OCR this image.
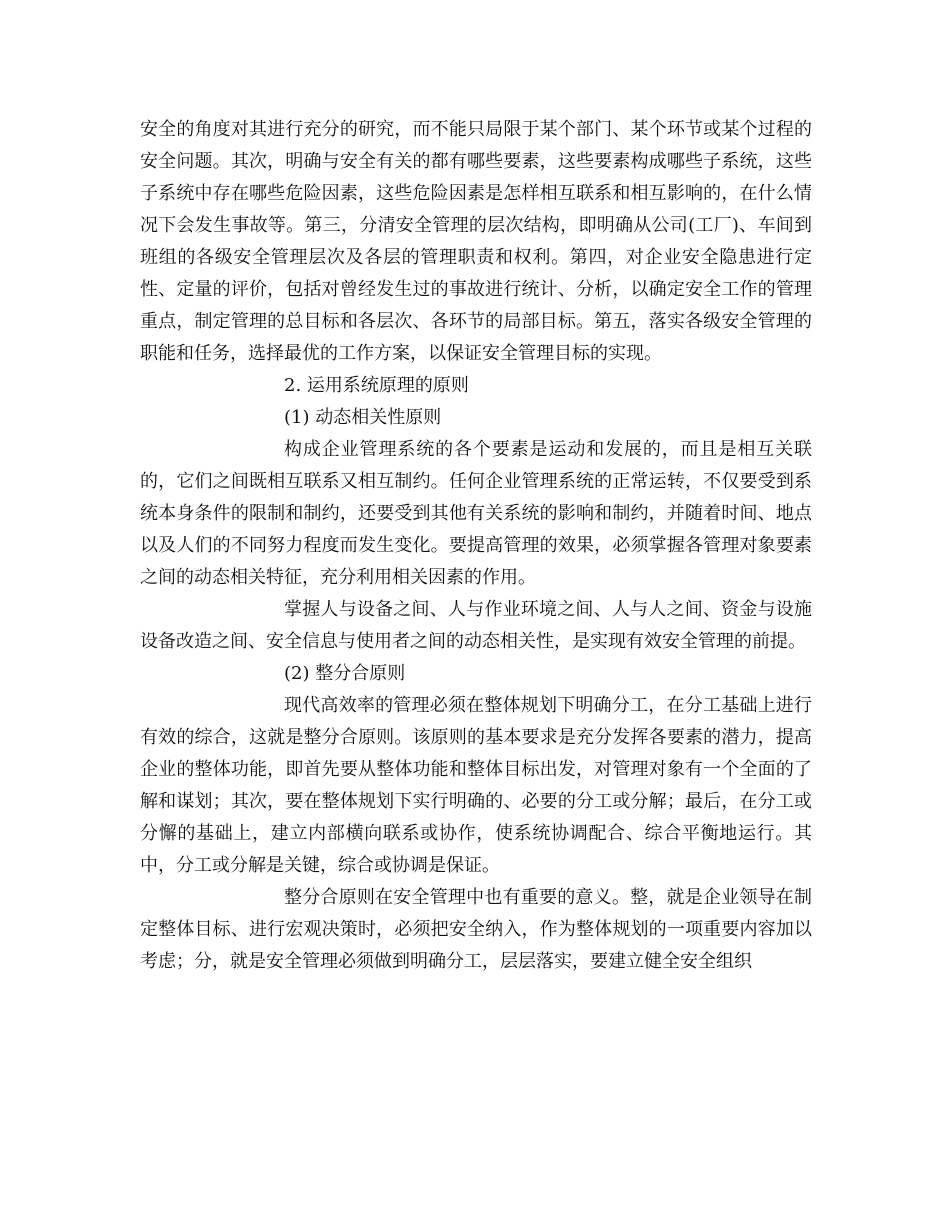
安全的角度对其进行充分的研究，而不能只局限于某个部门、某个环节或某个过程的安全问题。其次，明确与安全有关的都有哪些要素，这些要素构成哪些子系统，这些子系统中存在哪些危险因素，这些危险因素是怎样相互联系和相互影响的，在什么情况下会发生事故等。第三，分清安全管理的层次结构，即明确从公司(工厂)、车间到班组的各级安全管理层次及各层的管理职责和权利。第四，对企业安全隐患进行定性、定量的评价，包括对曾经发生过的事故进行统计、分析，以确定安全工作的管理重点，制定管理的总目标和各层次、各环节的局部目标。第五，落实各级安全管理的职能和任务，选择最优的工作方案，以保证安全管理目标的实现。

2. 运用系统原理的原则

(1) 动态相关性原则

构成企业管理系统的各个要素是运动和发展的，而且是相互关联的，它们之间既相互联系又相互制约。任何企业管理系统的正常运转，不仅要受到系统本身条件的限制和制约，还要受到其他有关系统的影响和制约，并随着时间、地点以及人们的不同努力程度而发生变化。要提高管理的效果，必须掌握各管理对象要素之间的动态相关特征，充分利用相关因素的作用。

掌握人与设备之间、人与作业环境之间、人与人之间、资金与设施设备改造之间、安全信息与使用者之间的动态相关性，是实现有效安全管理的前提。

(2) 整分合原则

现代高效率的管理必须在整体规划下明确分工，在分工基础上进行有效的综合，这就是整分合原则。该原则的基本要求是充分发挥各要素的潜力，提高企业的整体功能，即首先要从整体功能和整体目标出发，对管理对象有一个全面的了解和谋划；其次，要在整体规划下实行明确的、必要的分工或分解；最后，在分工或分懈的基础上，建立内部横向联系或协作，使系统协调配合、综合平衡地运行。其中，分工或分解是关键，综合或协调是保证。

整分合原则在安全管理中也有重要的意义。整，就是企业领导在制定整体目标、进行宏观决策时，必须把安全纳入，作为整体规划的一项重要内容加以考虑；分，就是安全管理必须做到明确分工，层层落实，要建立健全安全组织
